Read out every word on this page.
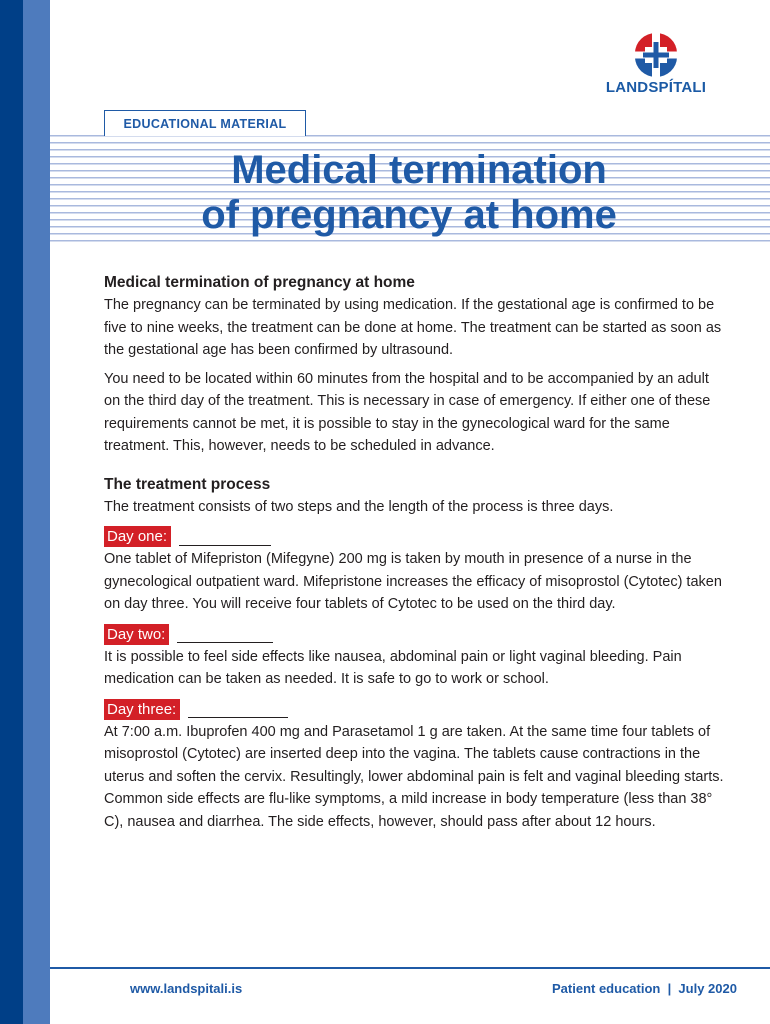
LANDSPÍTALI
EDUCATIONAL MATERIAL
Medical termination
of pregnancy at home
Medical termination of pregnancy at home

The pregnancy can be terminated by using medication. If the gestational age is confirmed to be five to nine weeks, the treatment can be done at home. The treatment can be started as soon as the gestational age has been confirmed by ultrasound.

You need to be located within 60 minutes from the hospital and to be accompanied by an adult on the third day of the treatment. This is necessary in case of emergency. If either one of these requirements cannot be met, it is possible to stay in the gynecological ward for the same treatment. This, however, needs to be scheduled in advance.

The treatment process

The treatment consists of two steps and the length of the process is three days.

Day one:

One tablet of Mifepriston (Mifegyne) 200 mg is taken by mouth in presence of a nurse in the gynecological outpatient ward. Mifepristone increases the efficacy of misoprostol (Cytotec) taken on day three. You will receive four tablets of Cytotec to be used on the third day.

Day two:

It is possible to feel side effects like nausea, abdominal pain or light vaginal bleeding. Pain medication can be taken as needed. It is safe to go to work or school.

Day three:

At 7:00 a.m. Ibuprofen 400 mg and Parasetamol 1 g are taken. At the same time four tablets of misoprostol (Cytotec) are inserted deep into the vagina. The tablets cause contractions in the uterus and soften the cervix. Resultingly, lower abdominal pain is felt and vaginal bleeding starts. Common side effects are flu-like symptoms, a mild increase in body temperature (less than 38° C), nausea and diarrhea. The side effects, however, should pass after about 12 hours.

www.landspitali.is	Patient education  |  July 2020
